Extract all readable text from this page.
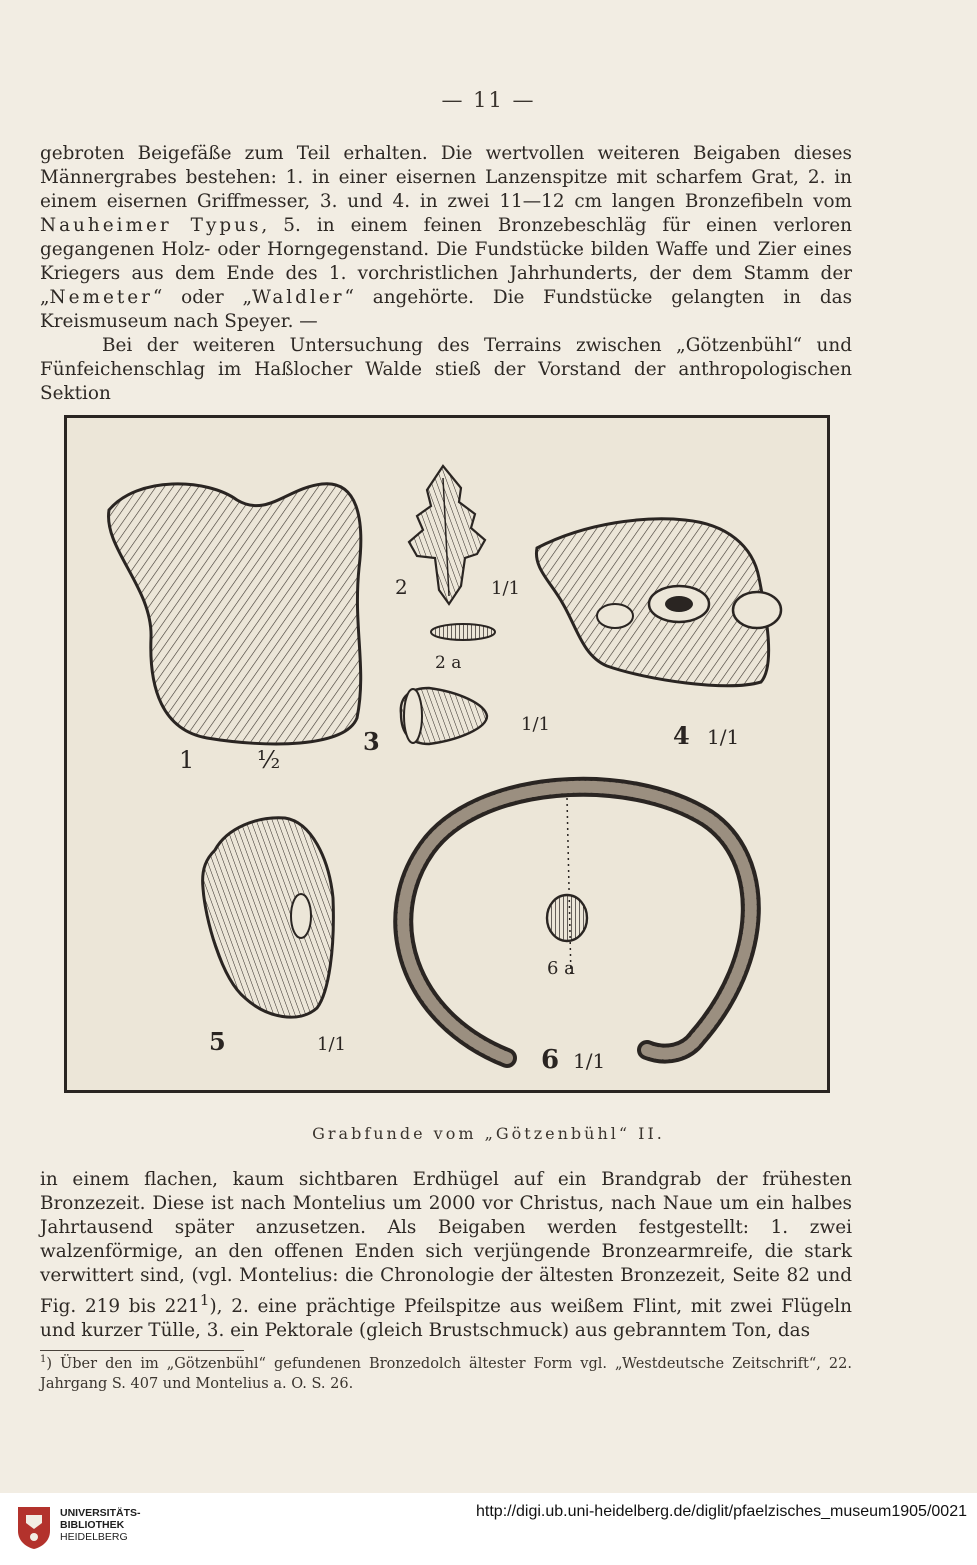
— 11 —

gebroten Beigefäße zum Teil erhalten. Die wertvollen weiteren Beigaben dieses Männergrabes bestehen: 1. in einer eisernen Lanzenspitze mit scharfem Grat, 2. in einem eisernen Griffmesser, 3. und 4. in zwei 11—12 cm langen Bronzefibeln vom Nauheimer Typus, 5. in einem feinen Bronzebeschläg für einen verloren gegangenen Holz- oder Horngegenstand. Die Fundstücke bilden Waffe und Zier eines Kriegers aus dem Ende des 1. vorchristlichen Jahrhunderts, der dem Stamm der „Nemeter“ oder „Waldler“ angehörte. Die Fundstücke gelangten in das Kreismuseum nach Speyer. —

Bei der weiteren Untersuchung des Terrains zwischen „Götzenbühl“ und Fünfeichenschlag im Haßlocher Walde stieß der Vorstand der anthropologischen Sektion

1	½
2	1/1
2 a
3
1/1	4 1/1
5	1/1
6 a
6 1/1
Grabfunde vom „Götzenbühl“ II.

in einem flachen, kaum sichtbaren Erdhügel auf ein Brandgrab der frühesten Bronzezeit. Diese ist nach Montelius um 2000 vor Christus, nach Naue um ein halbes Jahrtausend später anzusetzen. Als Beigaben werden festgestellt: 1. zwei walzenförmige, an den offenen Enden sich verjüngende Bronzearmreife, die stark verwittert sind, (vgl. Montelius: die Chronologie der ältesten Bronzezeit, Seite 82 und Fig. 219 bis $221^1$), 2. eine prächtige Pfeilspitze aus weißem Flint, mit zwei Flügeln und kurzer Tülle, 3. ein Pektorale (gleich Brustschmuck) aus gebranntem Ton, das

$^1$) Über den im „Götzenbühl“ gefundenen Bronzedolch ältester Form vgl. „Westdeutsche Zeitschrift“, 22. Jahrgang S. 407 und Montelius a. O. S. 26.
UNIVERSITÄTS-
BIBLIOTHEK
HEIDELBERG
http://digi.ub.uni-heidelberg.de/diglit/pfaelzisches_museum1905/0021
